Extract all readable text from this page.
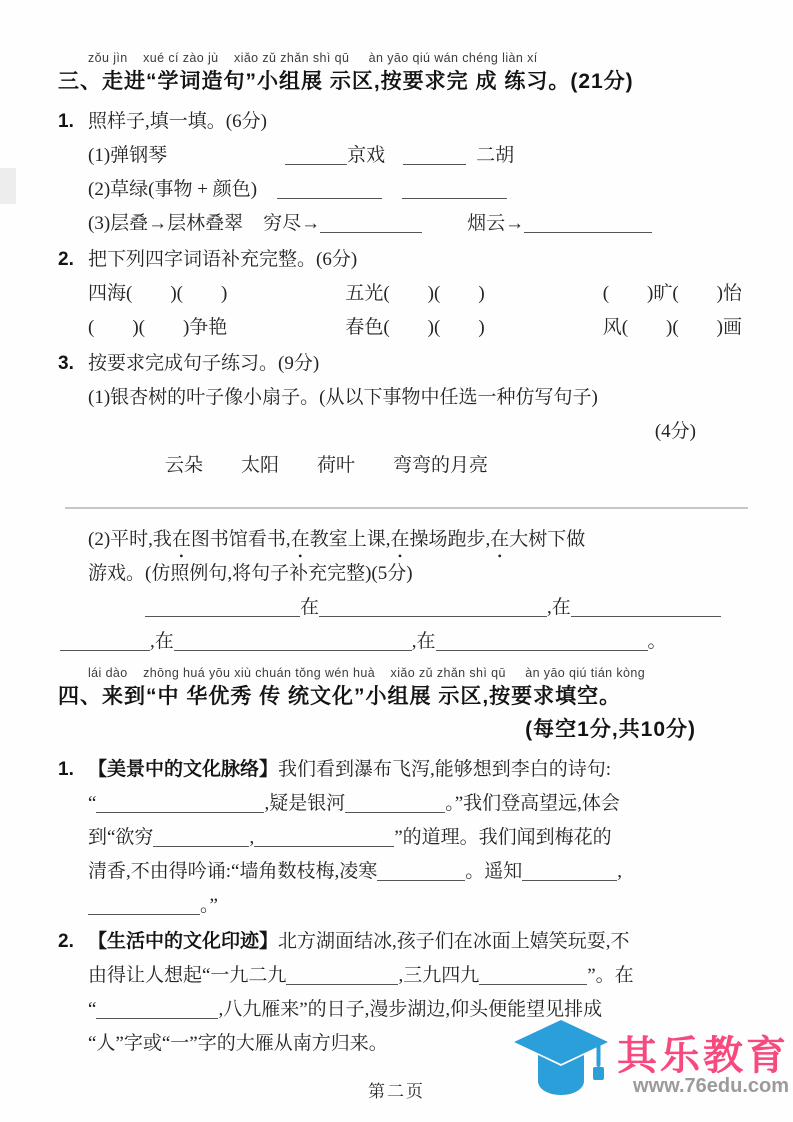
zǒu jìn    xué cí zào jù    xiǎo zǔ zhǎn shì qū     àn yāo qiú wán chéng liàn xí
三、走进“学词造句”小组展 示区,按要求完 成 练习。(21分)
1. 照样子,填一填。(6分)
(1)弹钢琴	京戏	二胡
(2)草绿(事物 + 颜色)
(3)层叠→层林叠翠 穷尽→	烟云→
2. 把下列四字词语补充完整。(6分)
四海(　　)(　　)	五光(　　)(　　)	(　　)旷(　　)怡
(　　)(　　)争艳	春色(　　)(　　)	风(　　)(　　)画
3. 按要求完成句子练习。(9分)
(1)银杏树的叶子像小扇子。(从以下事物中任选一种仿写句子)
(4分)
云朵 太阳 荷叶 弯弯的月亮
(2)平时,我在图书馆看书,在教室上课,在操场跑步,在大树下做
游戏。(仿照例句,将句子补充完整)(5分)
在	,在
,在	,在	。
lái dào    zhōng huá yōu xiù chuán tǒng wén huà    xiǎo zǔ zhǎn shì qū     àn yāo qiú tián kòng
四、来到“中 华优秀 传 统文化”小组展 示区,按要求填空。
(每空1分,共10分)
1. 【美景中的文化脉络】我们看到瀑布飞泻,能够想到李白的诗句:
“	,疑是银河	。”我们登高望远,体会
到“欲穷	,	”的道理。我们闻到梅花的
清香,不由得吟诵:“墙角数枝梅,凌寒	。遥知	,
。”
2. 【生活中的文化印迹】北方湖面结冰,孩子们在冰面上嬉笑玩耍,不
由得让人想起“一九二九	,三九四九	”。在
“	,八九雁来”的日子,漫步湖边,仰头便能望见排成
“人”字或“一”字的大雁从南方归来。
第二页
其乐教育
www.76edu.com
